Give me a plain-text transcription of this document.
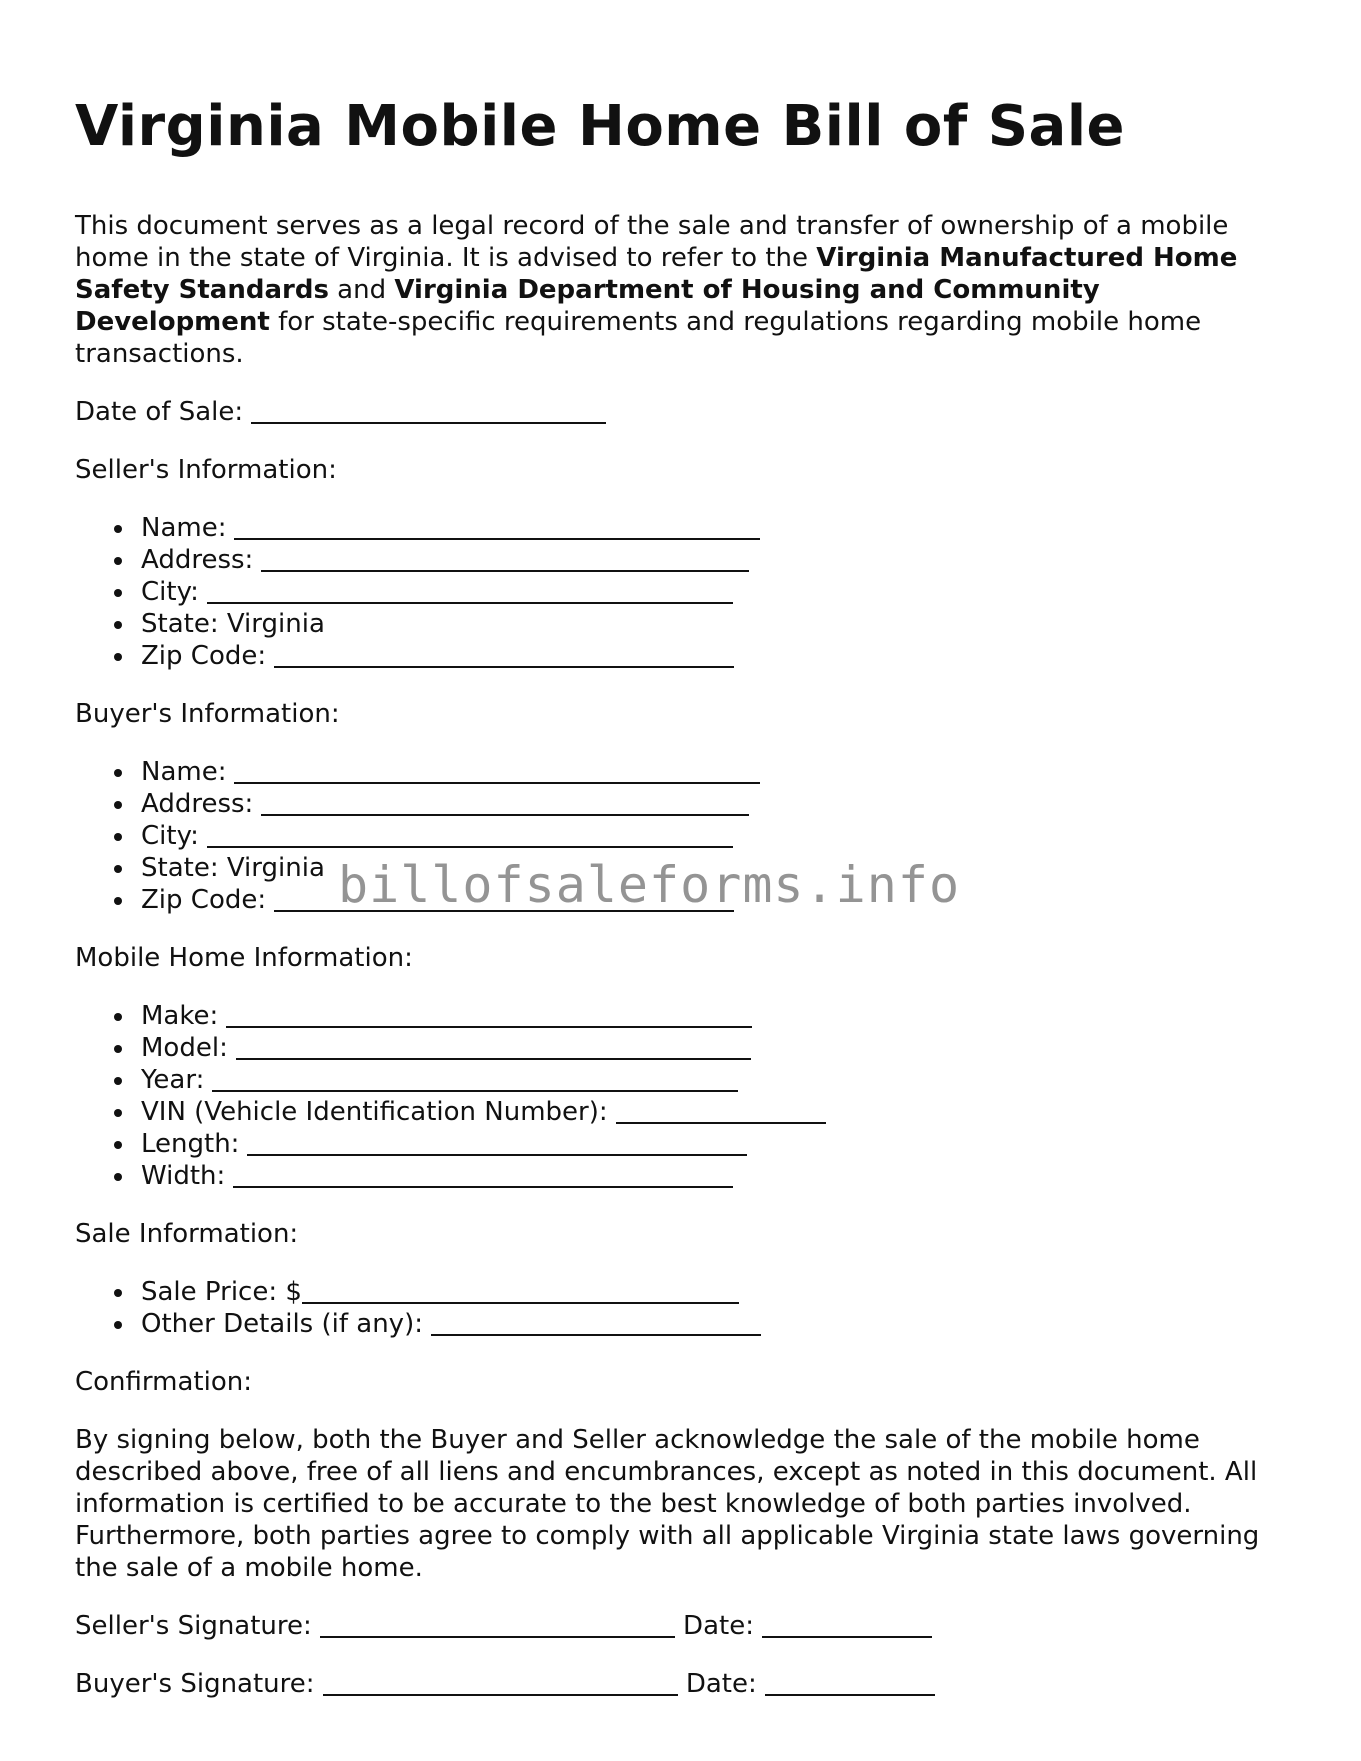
Virginia Mobile Home Bill of Sale

This document serves as a legal record of the sale and transfer of ownership of a mobile home in the state of Virginia. It is advised to refer to the Virginia Manufactured Home Safety Standards and Virginia Department of Housing and Community Development for state-specific requirements and regulations regarding mobile home transactions.

Date of Sale:

Seller's Information:

Name:
Address:
City:
State: Virginia
Zip Code:

Buyer's Information:

Name:
Address:
City:
State: Virginia
Zip Code:

Mobile Home Information:

Make:
Model:
Year:
VIN (Vehicle Identification Number):
Length:
Width:

Sale Information:

Sale Price: $
Other Details (if any):

Confirmation:

By signing below, both the Buyer and Seller acknowledge the sale of the mobile home described above, free of all liens and encumbrances, except as noted in this document. All information is certified to be accurate to the best knowledge of both parties involved. Furthermore, both parties agree to comply with all applicable Virginia state laws governing the sale of a mobile home.

Seller's Signature:	Date:

Buyer's Signature:	Date:

billofsaleforms.info
